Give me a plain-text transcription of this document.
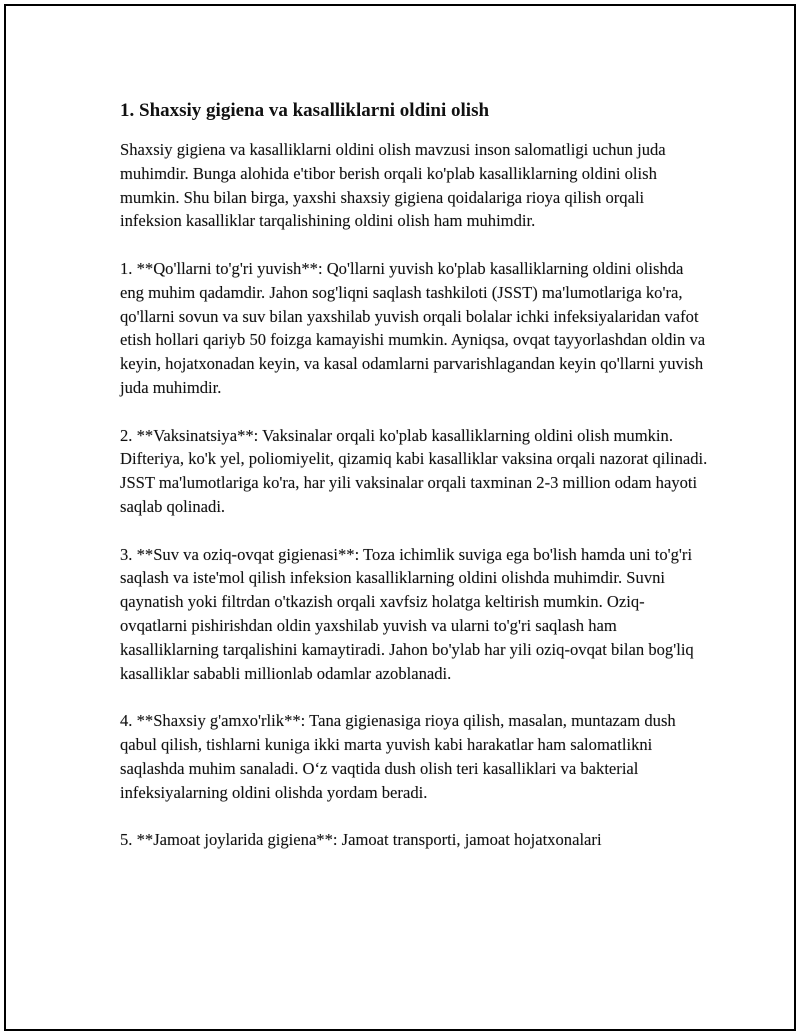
1. Shaxsiy gigiena va kasalliklarni oldini olish

Shaxsiy gigiena va kasalliklarni oldini olish mavzusi inson salomatligi uchun juda muhimdir. Bunga alohida e'tibor berish orqali ko'plab kasalliklarning oldini olish mumkin. Shu bilan birga, yaxshi shaxsiy gigiena qoidalariga rioya qilish orqali infeksion kasalliklar tarqalishining oldini olish ham muhimdir.

1. **Qo'llarni to'g'ri yuvish**: Qo'llarni yuvish ko'plab kasalliklarning oldini olishda eng muhim qadamdir. Jahon sog'liqni saqlash tashkiloti (JSST) ma'lumotlariga ko'ra, qo'llarni sovun va suv bilan yaxshilab yuvish orqali bolalar ichki infeksiyalaridan vafot etish hollari qariyb 50 foizga kamayishi mumkin. Ayniqsa, ovqat tayyorlashdan oldin va keyin, hojatxonadan keyin, va kasal odamlarni parvarishlagandan keyin qo'llarni yuvish juda muhimdir.

2. **Vaksinatsiya**: Vaksinalar orqali ko'plab kasalliklarning oldini olish mumkin. Difteriya, ko'k yel, poliomiyelit, qizamiq kabi kasalliklar vaksina orqali nazorat qilinadi. JSST ma'lumotlariga ko'ra, har yili vaksinalar orqali taxminan 2-3 million odam hayoti saqlab qolinadi.

3. **Suv va oziq-ovqat gigienasi**: Toza ichimlik suviga ega bo'lish hamda uni to'g'ri saqlash va iste'mol qilish infeksion kasalliklarning oldini olishda muhimdir. Suvni qaynatish yoki filtrdan o'tkazish orqali xavfsiz holatga keltirish mumkin. Oziq-ovqatlarni pishirishdan oldin yaxshilab yuvish va ularni to'g'ri saqlash ham kasalliklarning tarqalishini kamaytiradi. Jahon bo'ylab har yili oziq-ovqat bilan bog'liq kasalliklar sababli millionlab odamlar azoblanadi.

4. **Shaxsiy g'amxo'rlik**: Tana gigienasiga rioya qilish, masalan, muntazam dush qabul qilish, tishlarni kuniga ikki marta yuvish kabi harakatlar ham salomatlikni saqlashda muhim sanaladi. O‘z vaqtida dush olish teri kasalliklari va bakterial infeksiyalarning oldini olishda yordam beradi.

5. **Jamoat joylarida gigiena**: Jamoat transporti, jamoat hojatxonalari
